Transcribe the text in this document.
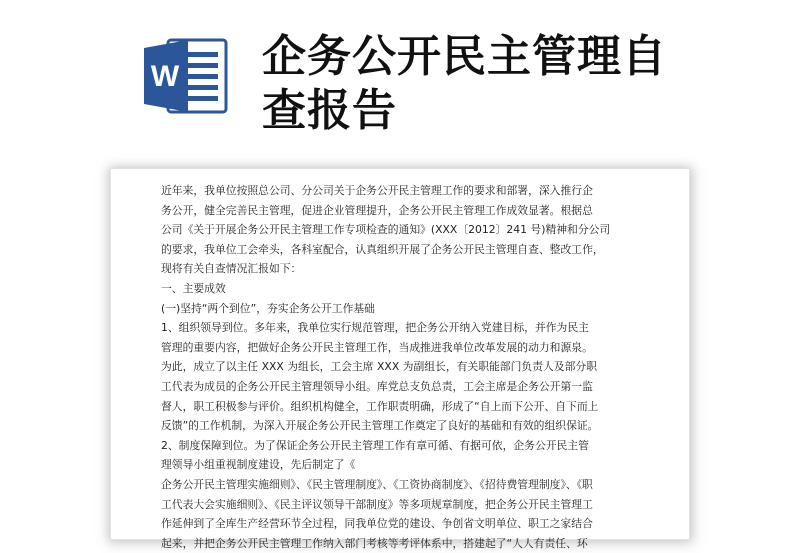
W 企务公开民主管理自
查报告

近年来，我单位按照总公司、分公司关于企务公开民主管理工作的要求和部署，深入推行企

务公开，健全完善民主管理，促进企业管理提升，企务公开民主管理工作成效显著。根据总

公司《关于开展企务公开民主管理工作专项检查的通知》(XXX〔2012〕241 号)精神和分公司

的要求，我单位工会牵头，各科室配合，认真组织开展了企务公开民主管理自查、整改工作，

现将有关自查情况汇报如下：

一、主要成效

(一)坚持“两个到位”，夯实企务公开工作基础

1、组织领导到位。多年来，我单位实行规范管理，把企务公开纳入党建目标，并作为民主

管理的重要内容，把做好企务公开民主管理工作，当成推进我单位改革发展的动力和源泉。

为此，成立了以主任 XXX 为组长，工会主席 XXX 为副组长，有关职能部门负责人及部分职

工代表为成员的企务公开民主管理领导小组。库党总支负总责，工会主席是企务公开第一监

督人，职工积极参与评价。组织机构健全，工作职责明确，形成了“自上而下公开、自下而上

反馈”的工作机制，为深入开展企务公开民主管理工作奠定了良好的基础和有效的组织保证。

2、制度保障到位。为了保证企务公开民主管理工作有章可循、有据可依，企务公开民主管

理领导小组重视制度建设，先后制定了《

企务公开民主管理实施细则》、《民主管理制度》、《工资协商制度》、《招待费管理制度》、《职

工代表大会实施细则》、《民主评议领导干部制度》等多项规章制度，把企务公开民主管理工

作延伸到了全库生产经营环节全过程，同我单位党的建设、争创省文明单位、职工之家结合

起来，并把企务公开民主管理工作纳入部门考核等考评体系中，搭建起了“人人有责任、环
